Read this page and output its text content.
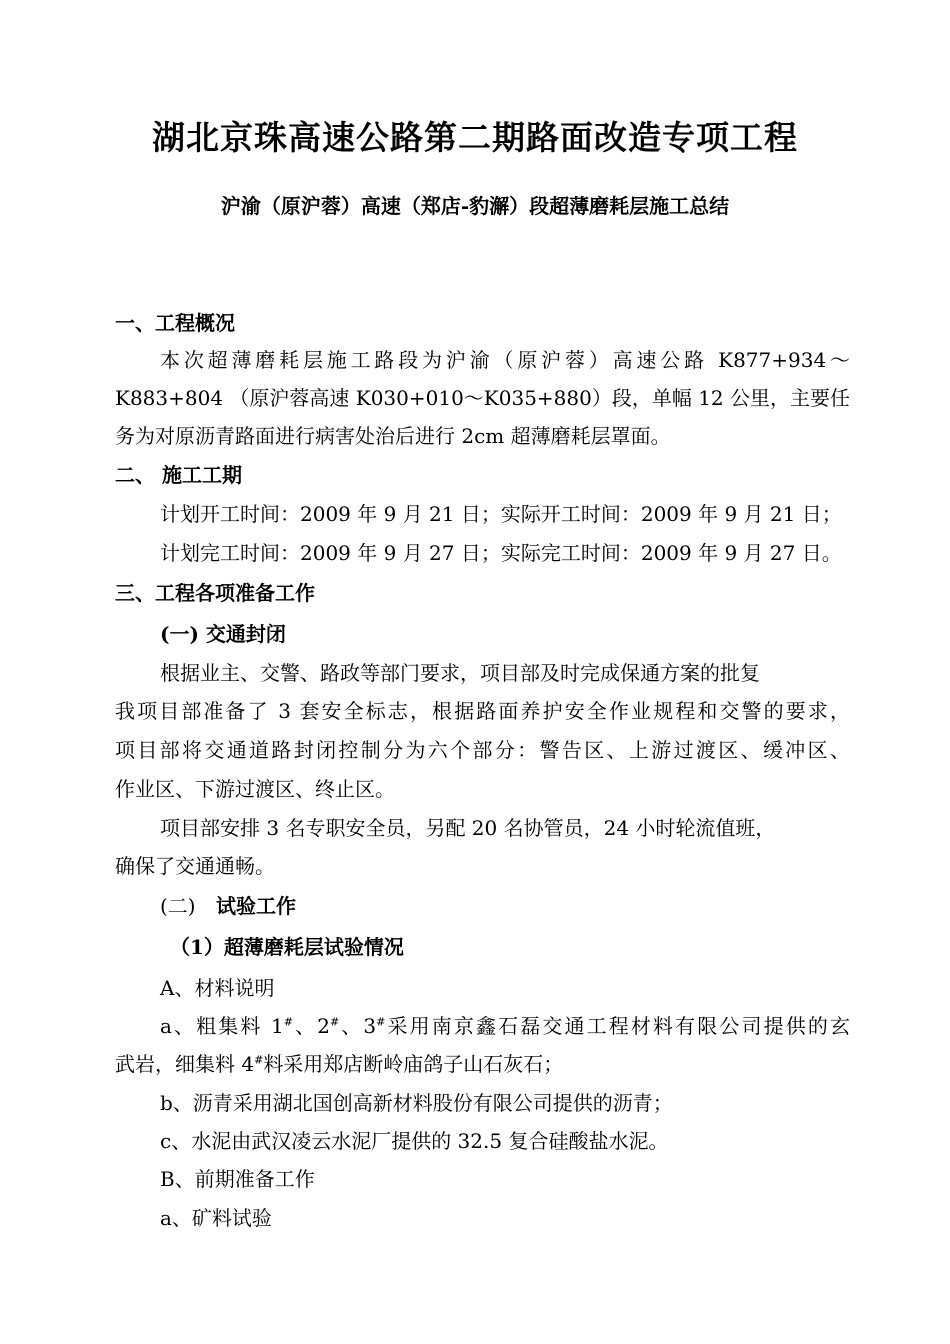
湖北京珠高速公路第二期路面改造专项工程
沪渝（原沪蓉）高速（郑店-豹澥）段超薄磨耗层施工总结
一、工程概况
本次超薄磨耗层施工路段为沪渝（原沪蓉）高速公路 K877+934～
K883+804 （原沪蓉高速 K030+010～K035+880）段，单幅 12 公里，主要任
务为对原沥青路面进行病害处治后进行 2cm 超薄磨耗层罩面。
二、 施工工期
计划开工时间：2009 年 9 月 21 日；实际开工时间：2009 年 9 月 21 日；
计划完工时间：2009 年 9 月 27 日；实际完工时间：2009 年 9 月 27 日。
三、工程各项准备工作
(一) 交通封闭
根据业主、交警、路政等部门要求，项目部及时完成保通方案的批复
我项目部准备了 3 套安全标志，根据路面养护安全作业规程和交警的要求，
项目部将交通道路封闭控制分为六个部分：警告区、上游过渡区、缓冲区、
作业区、下游过渡区、终止区。
项目部安排 3 名专职安全员，另配 20 名协管员，24 小时轮流值班，
确保了交通通畅。
(二) 试验工作
（1）超薄磨耗层试验情况
A、材料说明
a、粗集料 1#、2#、3#采用南京鑫石磊交通工程材料有限公司提供的玄
武岩，细集料 4#料采用郑店断岭庙鸽子山石灰石；
b、沥青采用湖北国创高新材料股份有限公司提供的沥青；
c、水泥由武汉凌云水泥厂提供的 32.5 复合硅酸盐水泥。
B、前期准备工作
a、矿料试验
